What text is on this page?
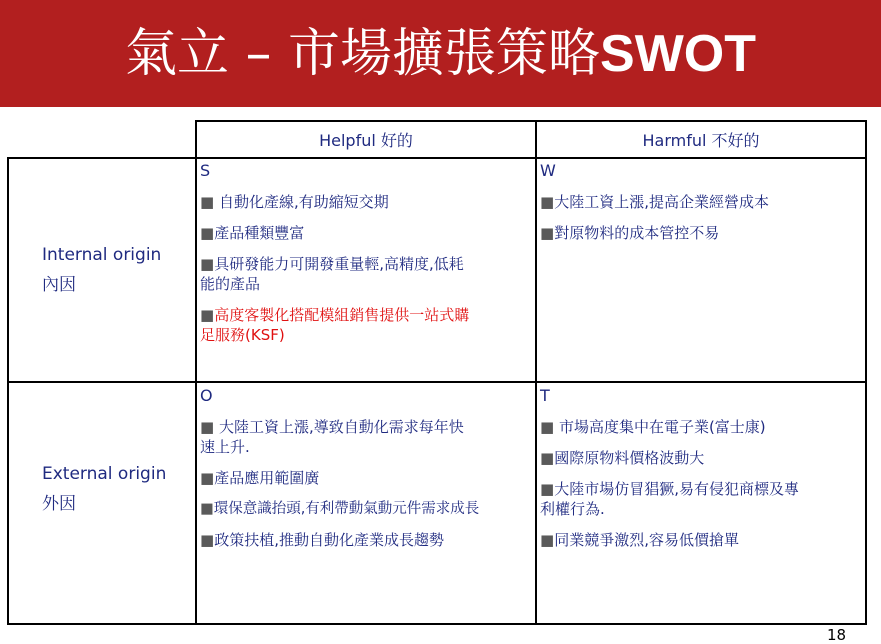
氣立 – 市場擴張策略SWOT
Helpful 好的	Harmful 不好的
Internal origin
內因
External origin
外因
S
■ 自動化產線,有助縮短交期
■產品種類豐富
■具研發能力可開發重量輕,高精度,低耗
能的產品
■高度客製化搭配模組銷售提供一站式購
足服務(KSF)
W
■大陸工資上漲,提高企業經營成本
■對原物料的成本管控不易
O
■ 大陸工資上漲,導致自動化需求每年快
速上升.
■產品應用範圍廣
■環保意識抬頭,有利帶動氣動元件需求成長
■政策扶植,推動自動化產業成長趨勢
T
■ 市場高度集中在電子業(富士康)
■國際原物料價格波動大
■大陸市場仿冒猖獗,易有侵犯商標及專
利權行為.
■同業競爭激烈,容易低價搶單
18
